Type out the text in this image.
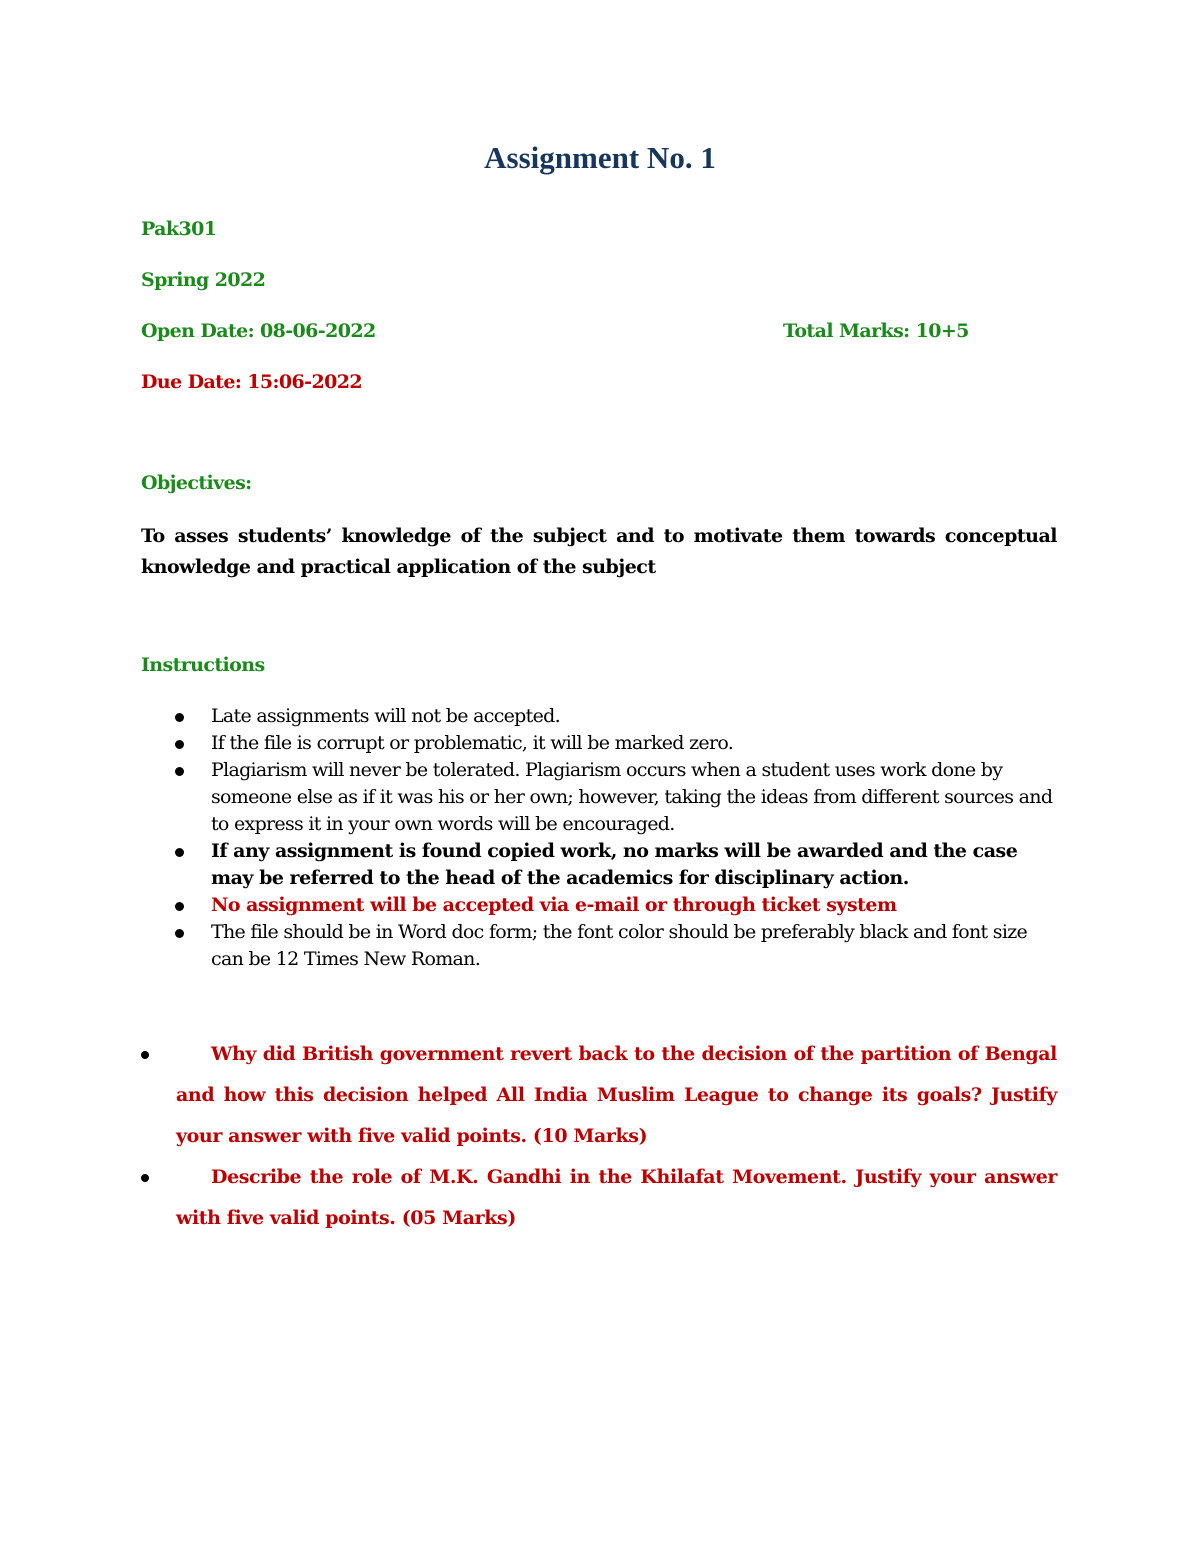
Assignment No. 1
Pak301
Spring 2022
Open Date: 08-06-2022	Total Marks: 10+5
Due Date: 15:06-2022
Objectives:
To asses students’ knowledge of the subject and to motivate them towards conceptual knowledge and practical application of the subject
Instructions
Late assignments will not be accepted.
If the file is corrupt or problematic, it will be marked zero.
Plagiarism will never be tolerated. Plagiarism occurs when a student uses work done by someone else as if it was his or her own; however, taking the ideas from different sources and to express it in your own words will be encouraged.
If any assignment is found copied work, no marks will be awarded and the case may be referred to the head of the academics for disciplinary action.
No assignment will be accepted via e-mail or through ticket system
The file should be in Word doc form; the font color should be preferably black and font size can be 12 Times New Roman.
Why did British government revert back to the decision of the partition of Bengal and how this decision helped All India Muslim League to change its goals? Justify your answer with five valid points. (10 Marks)
Describe the role of M.K. Gandhi in the Khilafat Movement. Justify your answer with five valid points. (05 Marks)
